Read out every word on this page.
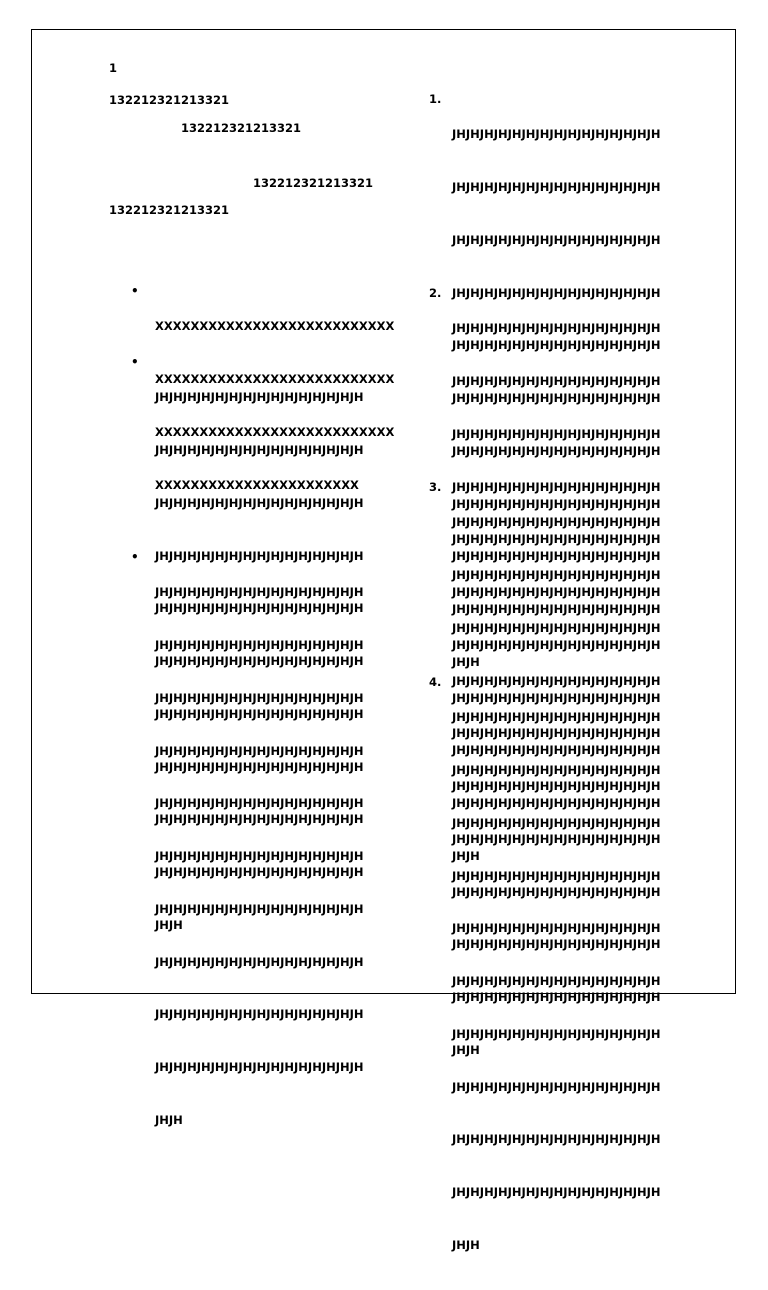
1
132212321213321
132212321213321
132212321213321
132212321213321
•

XXXXXXXXXXXXXXXXXXXXXXXXXXX

XXXXXXXXXXXXXXXXXXXXXXXXXXX

XXXXXXXXXXXXXXXXXXXXXXXXXXX

XXXXXXXXXXXXXXXXXXXXXXX

•

JHJHJHJHJHJHJHJHJHJHJHJHJHJHJH

JHJHJHJHJHJHJHJHJHJHJHJHJHJHJH

JHJHJHJHJHJHJHJHJHJHJHJHJHJHJH

JHJHJHJHJHJHJHJHJHJHJHJHJHJHJH

JHJHJHJHJHJHJHJHJHJHJHJHJHJHJH

JHJHJHJHJHJHJHJHJHJHJHJHJHJHJH

JHJHJHJHJHJHJHJHJHJHJHJHJHJHJH

JHJHJHJHJHJHJHJHJHJHJHJHJHJHJH

JHJHJHJHJHJHJHJHJHJHJHJHJHJHJH

JHJHJHJHJHJHJHJHJHJHJHJHJHJHJH

JHJH

•

JHJHJHJHJHJHJHJHJHJHJHJHJHJHJH

JHJHJHJHJHJHJHJHJHJHJHJHJHJHJH

JHJHJHJHJHJHJHJHJHJHJHJHJHJHJH

JHJHJHJHJHJHJHJHJHJHJHJHJHJHJH

JHJHJHJHJHJHJHJHJHJHJHJHJHJHJH

JHJHJHJHJHJHJHJHJHJHJHJHJHJHJH

JHJHJHJHJHJHJHJHJHJHJHJHJHJHJH

JHJHJHJHJHJHJHJHJHJHJHJHJHJHJH

JHJHJHJHJHJHJHJHJHJHJHJHJHJHJH

JHJHJHJHJHJHJHJHJHJHJHJHJHJHJH

JHJH

1.

JHJHJHJHJHJHJHJHJHJHJHJHJHJHJH

JHJHJHJHJHJHJHJHJHJHJHJHJHJHJH

JHJHJHJHJHJHJHJHJHJHJHJHJHJHJH

JHJHJHJHJHJHJHJHJHJHJHJHJHJHJH

JHJHJHJHJHJHJHJHJHJHJHJHJHJHJH

JHJHJHJHJHJHJHJHJHJHJHJHJHJHJH

JHJHJHJHJHJHJHJHJHJHJHJHJHJHJH

JHJHJHJHJHJHJHJHJHJHJHJHJHJHJH

JHJHJHJHJHJHJHJHJHJHJHJHJHJHJH

JHJHJHJHJHJHJHJHJHJHJHJHJHJHJH

JHJH

2.

JHJHJHJHJHJHJHJHJHJHJHJHJHJHJH

JHJHJHJHJHJHJHJHJHJHJHJHJHJHJH

JHJHJHJHJHJHJHJHJHJHJHJHJHJHJH

JHJHJHJHJHJHJHJHJHJHJHJHJHJHJH

JHJHJHJHJHJHJHJHJHJHJHJHJHJHJH

JHJHJHJHJHJHJHJHJHJHJHJHJHJHJH

JHJHJHJHJHJHJHJHJHJHJHJHJHJHJH

JHJHJHJHJHJHJHJHJHJHJHJHJHJHJH

JHJHJHJHJHJHJHJHJHJHJHJHJHJHJH

JHJHJHJHJHJHJHJHJHJHJHJHJHJHJH

JHJH

3.

JHJHJHJHJHJHJHJHJHJHJHJHJHJHJH

JHJHJHJHJHJHJHJHJHJHJHJHJHJHJH

JHJHJHJHJHJHJHJHJHJHJHJHJHJHJH

JHJHJHJHJHJHJHJHJHJHJHJHJHJHJH

JHJHJHJHJHJHJHJHJHJHJHJHJHJHJH

JHJHJHJHJHJHJHJHJHJHJHJHJHJHJH

JHJHJHJHJHJHJHJHJHJHJHJHJHJHJH

JHJHJHJHJHJHJHJHJHJHJHJHJHJHJH

JHJHJHJHJHJHJHJHJHJHJHJHJHJHJH

JHJHJHJHJHJHJHJHJHJHJHJHJHJHJH

JHJH

4.

JHJHJHJHJHJHJHJHJHJHJHJHJHJHJH

JHJHJHJHJHJHJHJHJHJHJHJHJHJHJH

JHJHJHJHJHJHJHJHJHJHJHJHJHJHJH

JHJHJHJHJHJHJHJHJHJHJHJHJHJHJH

JHJHJHJHJHJHJHJHJHJHJHJHJHJHJH

JHJHJHJHJHJHJHJHJHJHJHJHJHJHJH

JHJHJHJHJHJHJHJHJHJHJHJHJHJHJH

JHJHJHJHJHJHJHJHJHJHJHJHJHJHJH

JHJHJHJHJHJHJHJHJHJHJHJHJHJHJH

JHJHJHJHJHJHJHJHJHJHJHJHJHJHJH

JHJH
